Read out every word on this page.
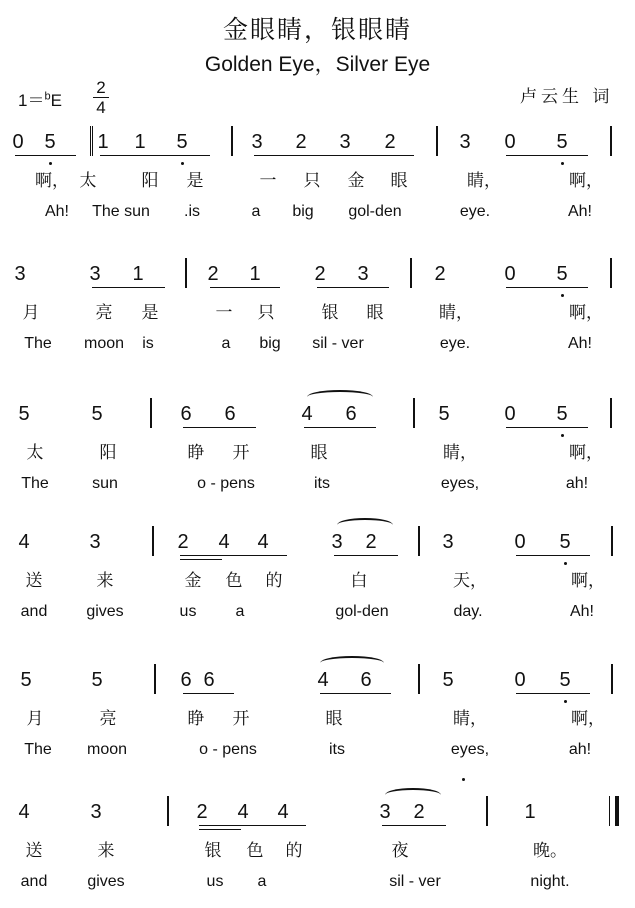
金眼睛，银眼睛
Golden Eye，Silver Eye
1＝$^b$E
2
4
卢云生 词
0 5 1 1 5	3 2 3 2	3 0 5
啊， 太	阳	是	一	只	金	眼	睛，	啊，
Ah!	The sun	.is	a	big	gol-den	eye.	Ah!
3	3 1	2 1	2 3	2	0 5
月	亮	是	一	只	银	眼	睛，	啊，
The	moon	is	a	big	sil - ver	eye.	Ah!
5	5	6 6	4 6	5	0 5
太	阳	睁	开	眼	睛，	啊，
The	sun	o - pens	its	eyes,	ah!
4	3	2 4 4	3 2	3	0 5
送	来	金	色	的	白	天，	啊，
and	gives	us	a	gol-den	day.	Ah!
5	5	6 6	4 6	5	0 5
月	亮	睁	开	眼	睛，	啊，
The	moon	o - pens	its	eyes,	ah!
4	3	2 4 4	3 2	1
送	来	银	色	的	夜	晚。
and	gives	us	a	sil - ver	night.
